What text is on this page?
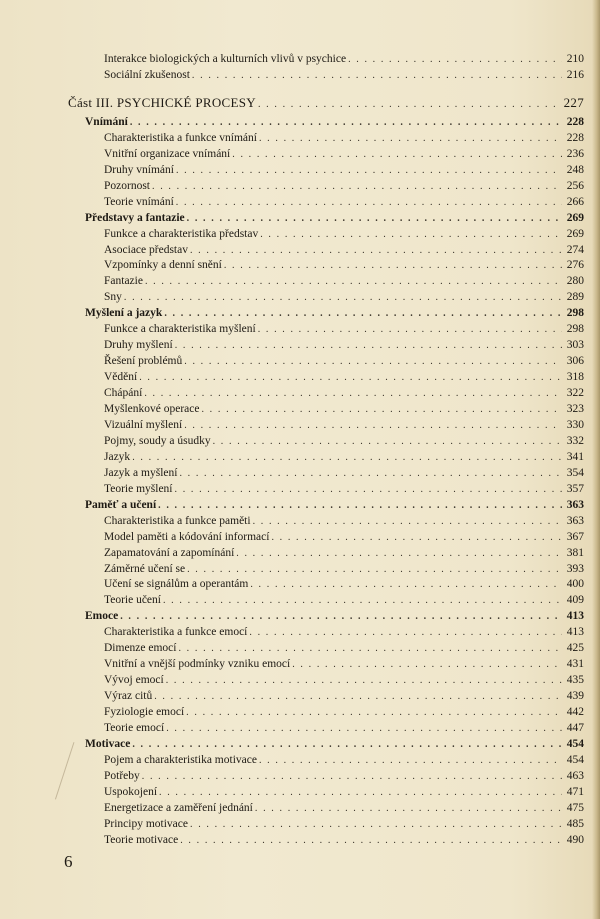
Interakce biologických a kulturních vlivů v psychice . . .	210
Sociální zkušenost . . .	216
Část III. PSYCHICKÉ PROCESY . . .	227
Vnímání . . .	228
Charakteristika a funkce vnímání . . .	228
Vnitřní organizace vnímání . . .	236
Druhy vnímání . . .	248
Pozornost . . .	256
Teorie vnímání . . .	266
Představy a fantazie . . .	269
Funkce a charakteristika představ . . .	269
Asociace představ . . .	274
Vzpomínky a denní snění . . .	276
Fantazie . . .	280
Sny . . .	289
Myšlení a jazyk . . .	298
Funkce a charakteristika myšlení . . .	298
Druhy myšlení . . .	303
Řešení problémů . . .	306
Vědění . . .	318
Chápání . . .	322
Myšlenkové operace . . .	323
Vizuální myšlení . . .	330
Pojmy, soudy a úsudky . . .	332
Jazyk . . .	341
Jazyk a myšlení . . .	354
Teorie myšlení . . .	357
Paměť a učení . . .	363
Charakteristika a funkce paměti . . .	363
Model paměti a kódování informací . . .	367
Zapamatování a zapomínání . . .	381
Záměrné učení se . . .	393
Učení se signálům a operantám . . .	400
Teorie učení . . .	409
Emoce . . .	413
Charakteristika a funkce emocí . . .	413
Dimenze emocí . . .	425
Vnitřní a vnější podmínky vzniku emocí . . .	431
Vývoj emocí . . .	435
Výraz citů . . .	439
Fyziologie emocí . . .	442
Teorie emocí . . .	447
Motivace . . .	454
Pojem a charakteristika motivace . . .	454
Potřeby . . .	463
Uspokojení . . .	471
Energetizace a zaměření jednání . . .	475
Principy motivace . . .	485
Teorie motivace . . .	490
6
